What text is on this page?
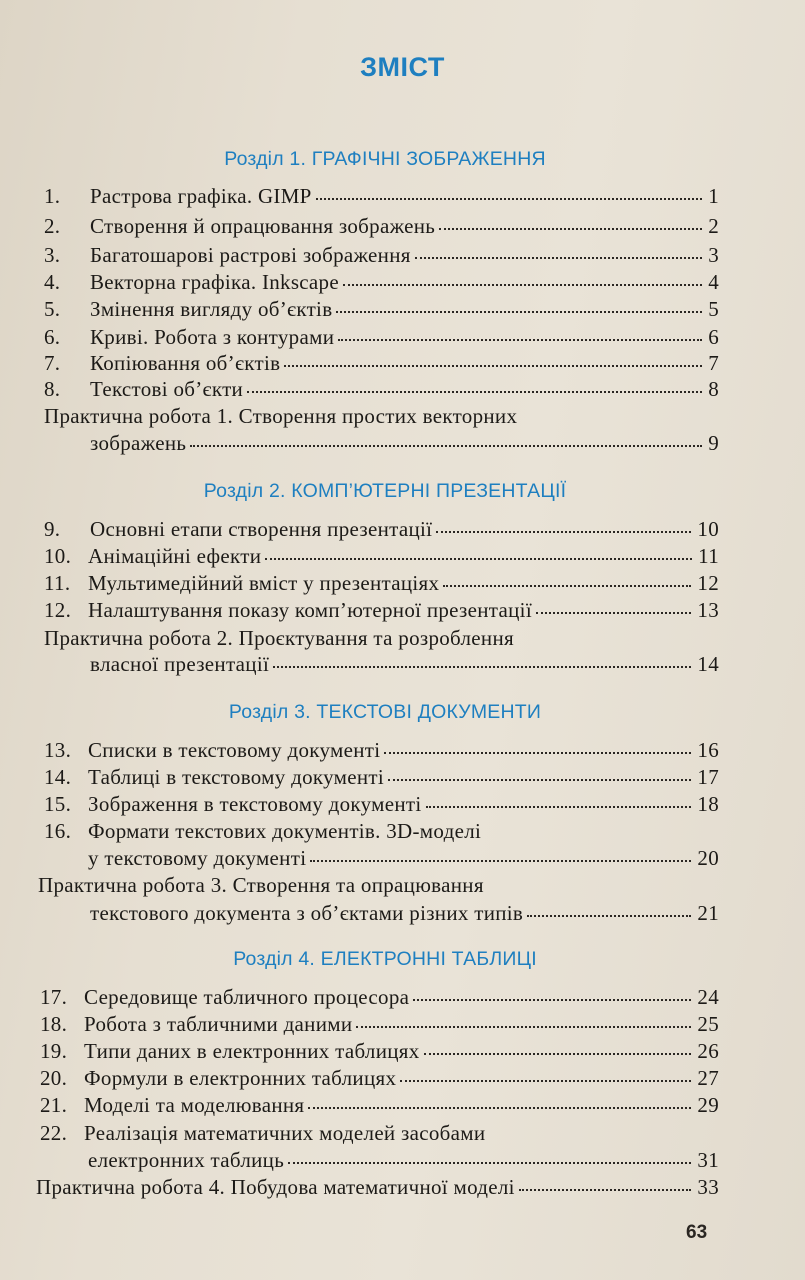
ЗМІСТ
Розділ 1. ГРАФІЧНІ ЗОБРАЖЕННЯ
1.	Растрова графіка. GIMP	1
2.	Створення й опрацювання зображень	2
3.	Багатошарові растрові зображення	3
4.	Векторна графіка. Inkscape	4
5.	Змінення вигляду об’єктів	5
6.	Криві. Робота з контурами	6
7.	Копіювання об’єктів	7
8.	Текстові об’єкти	8
Практична робота 1. Створення простих векторних
зображень	9
Розділ 2. КОМП’ЮТЕРНІ ПРЕЗЕНТАЦІЇ
9.	Основні етапи створення презентації	10
10. Анімаційні ефекти	11
11. Мультимедійний вміст у презентаціях	12
12. Налаштування показу комп’ютерної презентації	13
Практична робота 2. Проєктування та розроблення
власної презентації	14
Розділ 3. ТЕКСТОВІ ДОКУМЕНТИ
13. Списки в текстовому документі	16
14. Таблиці в текстовому документі	17
15. Зображення в текстовому документі	18
16. Формати текстових документів. 3D-моделі
у текстовому документі	20
Практична робота 3. Створення та опрацювання
текстового документа з об’єктами різних типів	21
Розділ 4. ЕЛЕКТРОННІ ТАБЛИЦІ
17. Середовище табличного процесора	24
18. Робота з табличними даними	25
19. Типи даних в електронних таблицях	26
20. Формули в електронних таблицях	27
21. Моделі та моделювання	29
22. Реалізація математичних моделей засобами
електронних таблиць	31
Практична робота 4. Побудова математичної моделі	33
63
